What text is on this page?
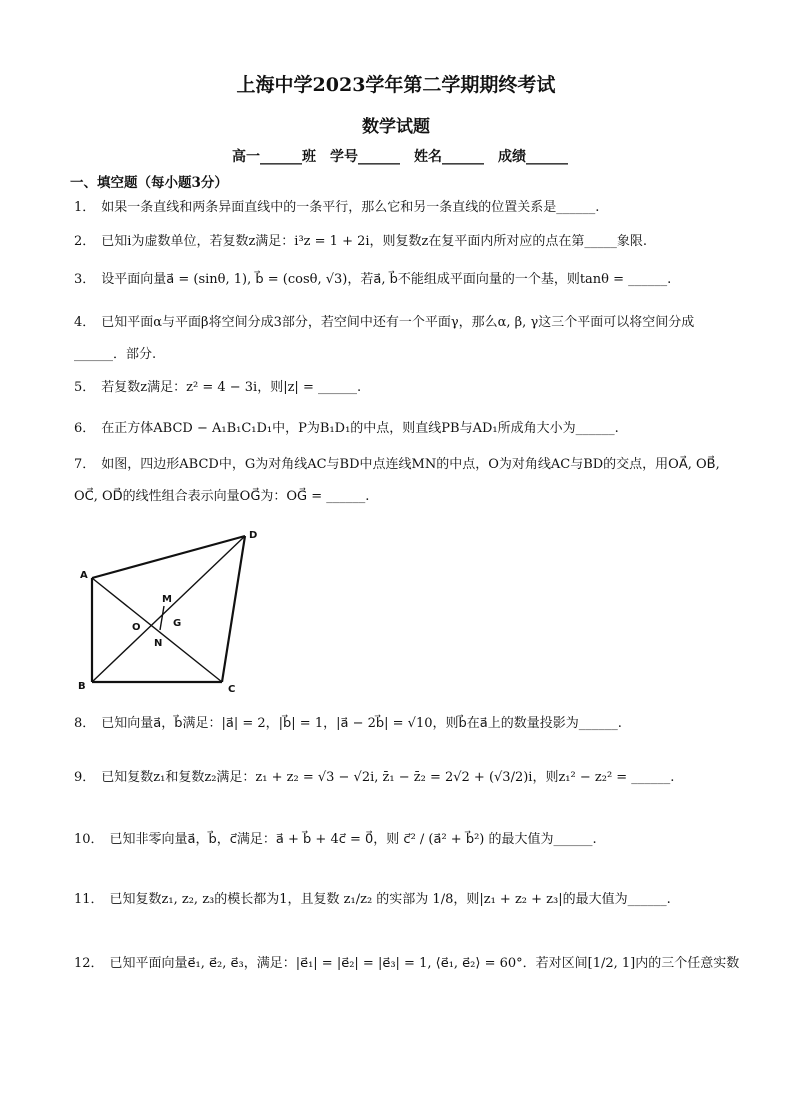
上海中学2023学年第二学期期终考试
数学试题
高一______班　学号______　姓名______　成绩______
一、填空题（每小题3分）
1． 如果一条直线和两条异面直线中的一条平行，那么它和另一条直线的位置关系是______.
2． 已知i为虚数单位，若复数z满足：i³z = 1 + 2i，则复数z在复平面内所对应的点在第_____象限.
3． 设平面向量a⃗ = (sinθ, 1), b⃗ = (cosθ, √3)，若a⃗, b⃗不能组成平面向量的一个基，则tanθ = ______.
4． 已知平面α与平面β将空间分成3部分，若空间中还有一个平面γ，那么α, β, γ这三个平面可以将空间分成______．部分.
5． 若复数z满足：z² = 4 − 3i，则|z| = ______.
6． 在正方体ABCD − A₁B₁C₁D₁中，P为B₁D₁的中点，则直线PB与AD₁所成角大小为______.
7． 如图，四边形ABCD中，G为对角线AC与BD中点连线MN的中点，O为对角线AC与BD的交点，用OA⃗, OB⃗, OC⃗, OD⃗的线性组合表示向量OG⃗为：OG⃗ = ______.
A
B	C
D
O
M
N
G
8． 已知向量a⃗，b⃗满足：|a⃗| = 2，|b⃗| = 1，|a⃗ − 2b⃗| = √10，则b⃗在a⃗上的数量投影为______.
9． 已知复数z₁和复数z₂满足：z₁ + z₂ = √3 − √2i, z̄₁ − z̄₂ = 2√2 + (√3/2)i，则z₁² − z₂² = ______.
10． 已知非零向量a⃗，b⃗，c⃗满足：a⃗ + b⃗ + 4c⃗ = 0⃗，则 c⃗² / (a⃗² + b⃗²) 的最大值为______.
11． 已知复数z₁, z₂, z₃的模长都为1，且复数 z₁/z₂ 的实部为 1/8，则|z₁ + z₂ + z₃|的最大值为______.
12． 已知平面向量e⃗₁, e⃗₂, e⃗₃，满足：|e⃗₁| = |e⃗₂| = |e⃗₃| = 1, ⟨e⃗₁, e⃗₂⟩ = 60°．若对区间[1/2, 1]内的三个任意实数
